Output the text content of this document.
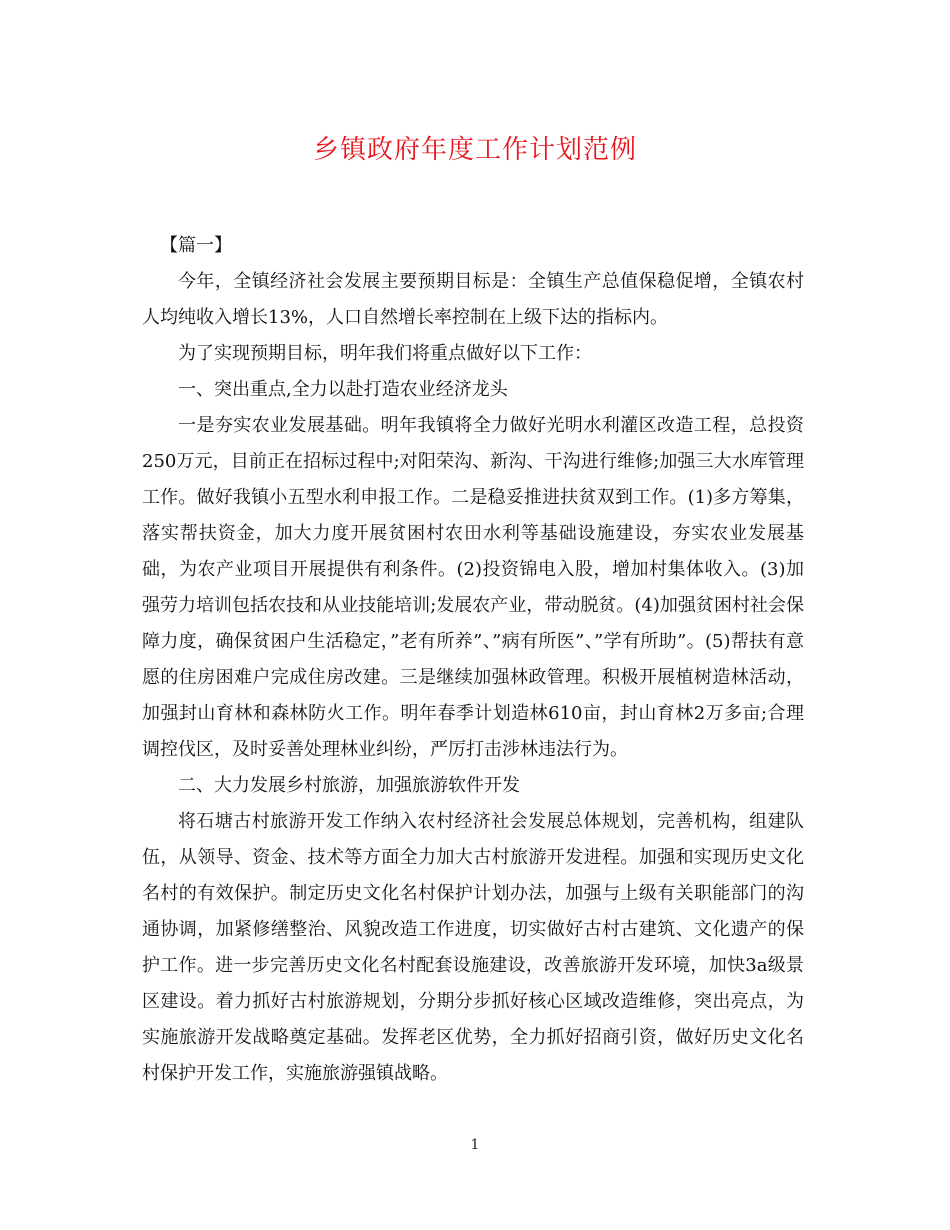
乡镇政府年度工作计划范例

【篇一】

今年，全镇经济社会发展主要预期目标是：全镇生产总值保稳促增，全镇农村人均纯收入增长13%，人口自然增长率控制在上级下达的指标内。

为了实现预期目标，明年我们将重点做好以下工作：

一、突出重点,全力以赴打造农业经济龙头

一是夯实农业发展基础。明年我镇将全力做好光明水利灌区改造工程，总投资250万元，目前正在招标过程中;对阳荣沟、新沟、干沟进行维修;加强三大水库管理工作。做好我镇小五型水利申报工作。二是稳妥推进扶贫双到工作。(1)多方筹集，落实帮扶资金，加大力度开展贫困村农田水利等基础设施建设，夯实农业发展基础，为农产业项目开展提供有利条件。(2)投资锦电入股，增加村集体收入。(3)加强劳力培训包括农技和从业技能培训;发展农产业，带动脱贫。(4)加强贫困村社会保障力度，确保贫困户生活稳定，”老有所养”、”病有所医”、”学有所助”。(5)帮扶有意愿的住房困难户完成住房改建。三是继续加强林政管理。积极开展植树造林活动，加强封山育林和森林防火工作。明年春季计划造林610亩，封山育林2万多亩;合理调控伐区，及时妥善处理林业纠纷，严厉打击涉林违法行为。

二、大力发展乡村旅游，加强旅游软件开发

将石塘古村旅游开发工作纳入农村经济社会发展总体规划，完善机构，组建队伍，从领导、资金、技术等方面全力加大古村旅游开发进程。加强和实现历史文化名村的有效保护。制定历史文化名村保护计划办法，加强与上级有关职能部门的沟通协调，加紧修缮整治、风貌改造工作进度，切实做好古村古建筑、文化遗产的保护工作。进一步完善历史文化名村配套设施建设，改善旅游开发环境，加快3a级景区建设。着力抓好古村旅游规划，分期分步抓好核心区域改造维修，突出亮点，为实施旅游开发战略奠定基础。发挥老区优势，全力抓好招商引资，做好历史文化名村保护开发工作，实施旅游强镇战略。

1
